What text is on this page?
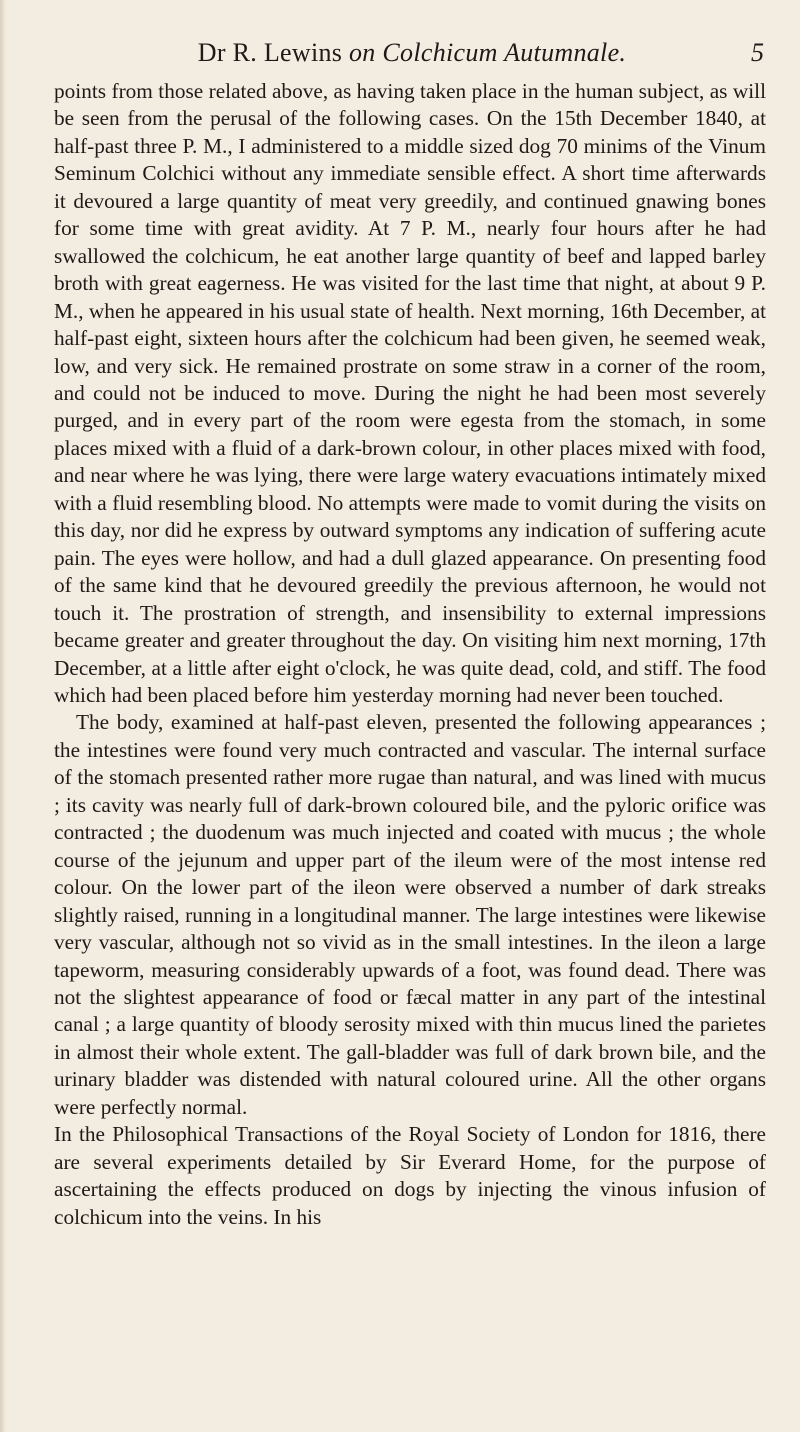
Dr R. Lewins on Colchicum Autumnale.	5

points from those related above, as having taken place in the human subject, as will be seen from the perusal of the following cases. On the 15th December 1840, at half-past three P. M., I administered to a middle sized dog 70 minims of the Vinum Seminum Colchici without any immediate sensible effect. A short time afterwards it devoured a large quantity of meat very greedily, and continued gnawing bones for some time with great avidity. At 7 P. M., nearly four hours after he had swallowed the colchicum, he eat another large quantity of beef and lapped barley broth with great eagerness. He was visited for the last time that night, at about 9 P. M., when he appeared in his usual state of health. Next morning, 16th December, at half-past eight, sixteen hours after the colchicum had been given, he seemed weak, low, and very sick. He remained prostrate on some straw in a corner of the room, and could not be induced to move. During the night he had been most severely purged, and in every part of the room were egesta from the stomach, in some places mixed with a fluid of a dark-brown colour, in other places mixed with food, and near where he was lying, there were large watery evacuations intimately mixed with a fluid resembling blood. No attempts were made to vomit during the visits on this day, nor did he express by outward symptoms any indication of suffering acute pain. The eyes were hollow, and had a dull glazed appearance. On presenting food of the same kind that he devoured greedily the previous afternoon, he would not touch it. The prostration of strength, and insensibility to external impressions became greater and greater throughout the day. On visiting him next morning, 17th December, at a little after eight o'clock, he was quite dead, cold, and stiff. The food which had been placed before him yesterday morning had never been touched.

The body, examined at half-past eleven, presented the following appearances ; the intestines were found very much contracted and vascular. The internal surface of the stomach presented rather more rugae than natural, and was lined with mucus ; its cavity was nearly full of dark-brown coloured bile, and the pyloric orifice was contracted ; the duodenum was much injected and coated with mucus ; the whole course of the jejunum and upper part of the ileum were of the most intense red colour. On the lower part of the ileon were observed a number of dark streaks slightly raised, running in a longitudinal manner. The large intestines were likewise very vascular, although not so vivid as in the small intestines. In the ileon a large tapeworm, measuring considerably upwards of a foot, was found dead. There was not the slightest appearance of food or fæcal matter in any part of the intestinal canal ; a large quantity of bloody serosity mixed with thin mucus lined the parietes in almost their whole extent. The gall-bladder was full of dark brown bile, and the urinary bladder was distended with natural coloured urine. All the other organs were perfectly normal.

In the Philosophical Transactions of the Royal Society of London for 1816, there are several experiments detailed by Sir Everard Home, for the purpose of ascertaining the effects produced on dogs by injecting the vinous infusion of colchicum into the veins. In his
